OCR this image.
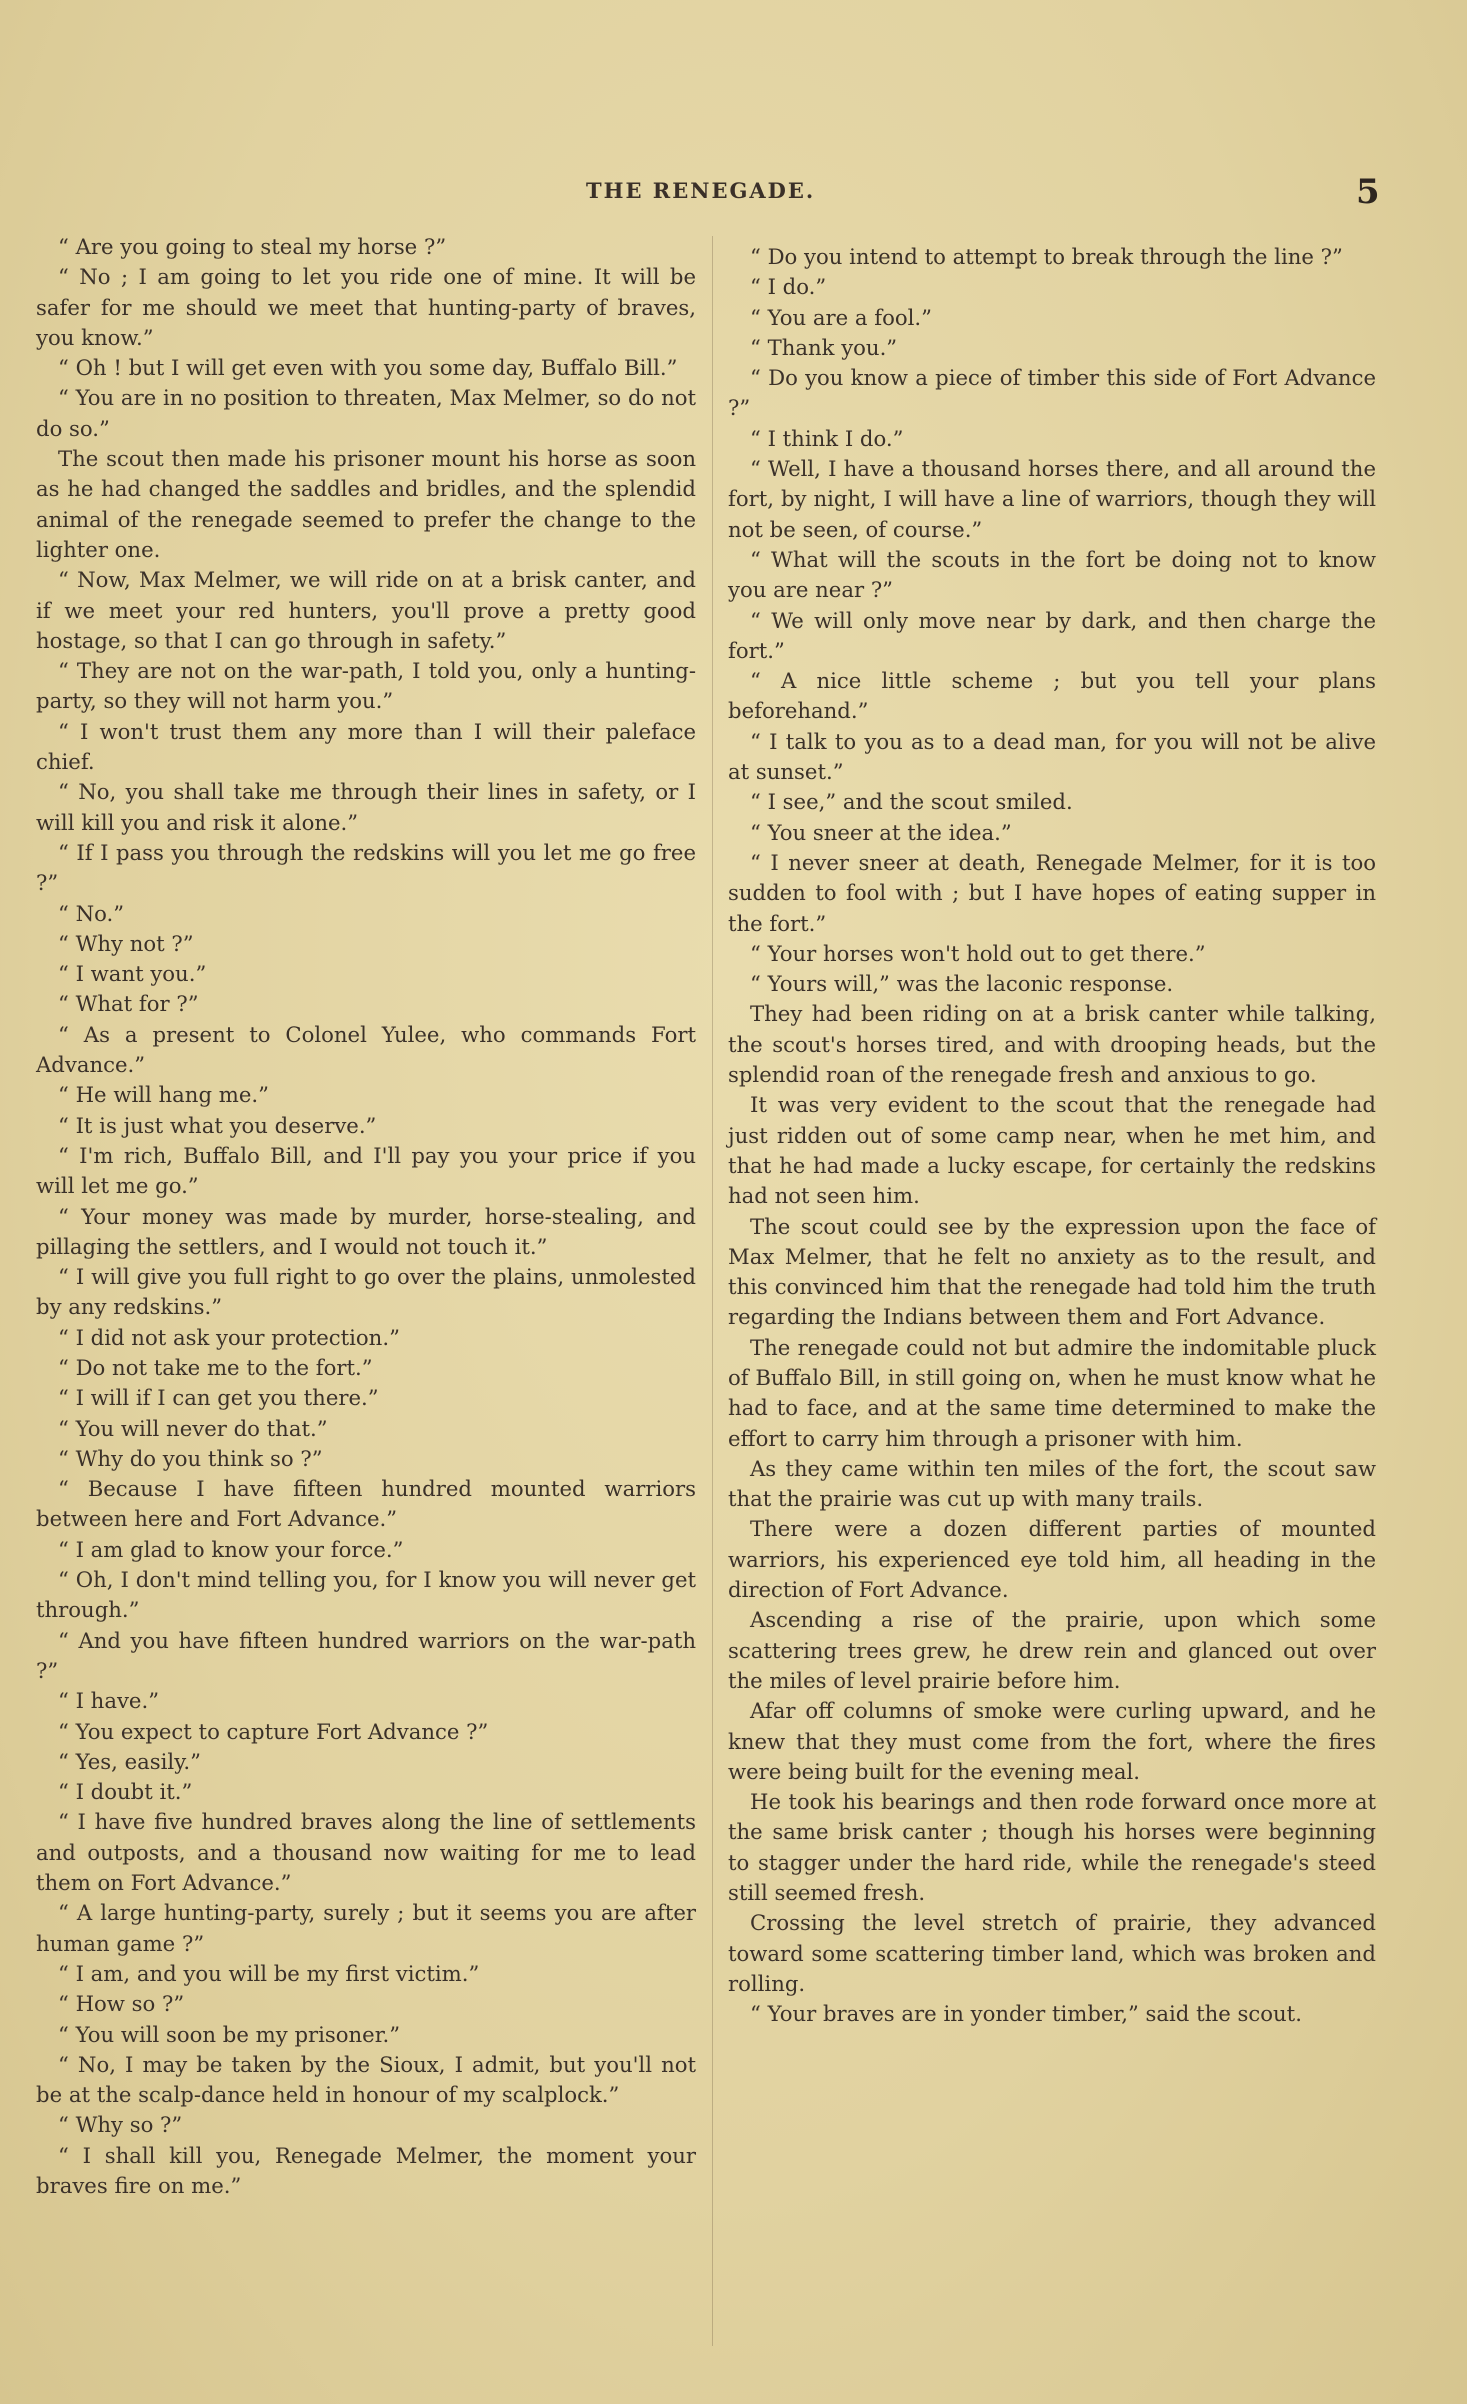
THE RENEGADE.	5

“ Are you going to steal my horse ?”

“ No ; I am going to let you ride one of mine. It will be safer for me should we meet that hunting-party of braves, you know.”

“ Oh ! but I will get even with you some day, Buffalo Bill.”

“ You are in no position to threaten, Max Melmer, so do not do so.”

The scout then made his prisoner mount his horse as soon as he had changed the saddles and bridles, and the splendid animal of the renegade seemed to prefer the change to the lighter one.

“ Now, Max Melmer, we will ride on at a brisk canter, and if we meet your red hunters, you'll prove a pretty good hostage, so that I can go through in safety.”

“ They are not on the war-path, I told you, only a hunting-party, so they will not harm you.”

“ I won't trust them any more than I will their paleface chief.

“ No, you shall take me through their lines in safety, or I will kill you and risk it alone.”

“ If I pass you through the redskins will you let me go free ?”

“ No.”

“ Why not ?”

“ I want you.”

“ What for ?”

“ As a present to Colonel Yulee, who commands Fort Advance.”

“ He will hang me.”

“ It is just what you deserve.”

“ I'm rich, Buffalo Bill, and I'll pay you your price if you will let me go.”

“ Your money was made by murder, horse-stealing, and pillaging the settlers, and I would not touch it.”

“ I will give you full right to go over the plains, unmolested by any redskins.”

“ I did not ask your protection.”

“ Do not take me to the fort.”

“ I will if I can get you there.”

“ You will never do that.”

“ Why do you think so ?”

“ Because I have fifteen hundred mounted warriors between here and Fort Advance.”

“ I am glad to know your force.”

“ Oh, I don't mind telling you, for I know you will never get through.”

“ And you have fifteen hundred warriors on the war-path ?”

“ I have.”

“ You expect to capture Fort Advance ?”

“ Yes, easily.”

“ I doubt it.”

“ I have five hundred braves along the line of settlements and outposts, and a thousand now waiting for me to lead them on Fort Advance.”

“ A large hunting-party, surely ; but it seems you are after human game ?”

“ I am, and you will be my first victim.”

“ How so ?”

“ You will soon be my prisoner.”

“ No, I may be taken by the Sioux, I admit, but you'll not be at the scalp-dance held in honour of my scalplock.”

“ Why so ?”

“ I shall kill you, Renegade Melmer, the moment your braves fire on me.”

“ Do you intend to attempt to break through the line ?”

“ I do.”

“ You are a fool.”

“ Thank you.”

“ Do you know a piece of timber this side of Fort Advance ?”

“ I think I do.”

“ Well, I have a thousand horses there, and all around the fort, by night, I will have a line of warriors, though they will not be seen, of course.”

“ What will the scouts in the fort be doing not to know you are near ?”

“ We will only move near by dark, and then charge the fort.”

“ A nice little scheme ; but you tell your plans beforehand.”

“ I talk to you as to a dead man, for you will not be alive at sunset.”

“ I see,” and the scout smiled.

“ You sneer at the idea.”

“ I never sneer at death, Renegade Melmer, for it is too sudden to fool with ; but I have hopes of eating supper in the fort.”

“ Your horses won't hold out to get there.”

“ Yours will,” was the laconic response.

They had been riding on at a brisk canter while talking, the scout's horses tired, and with drooping heads, but the splendid roan of the renegade fresh and anxious to go.

It was very evident to the scout that the renegade had just ridden out of some camp near, when he met him, and that he had made a lucky escape, for certainly the redskins had not seen him.

The scout could see by the expression upon the face of Max Melmer, that he felt no anxiety as to the result, and this convinced him that the renegade had told him the truth regarding the Indians between them and Fort Advance.

The renegade could not but admire the indomitable pluck of Buffalo Bill, in still going on, when he must know what he had to face, and at the same time determined to make the effort to carry him through a prisoner with him.

As they came within ten miles of the fort, the scout saw that the prairie was cut up with many trails.

There were a dozen different parties of mounted warriors, his experienced eye told him, all heading in the direction of Fort Advance.

Ascending a rise of the prairie, upon which some scattering trees grew, he drew rein and glanced out over the miles of level prairie before him.

Afar off columns of smoke were curling upward, and he knew that they must come from the fort, where the fires were being built for the evening meal.

He took his bearings and then rode forward once more at the same brisk canter ; though his horses were beginning to stagger under the hard ride, while the renegade's steed still seemed fresh.

Crossing the level stretch of prairie, they advanced toward some scattering timber land, which was broken and rolling.

“ Your braves are in yonder timber,” said the scout.
